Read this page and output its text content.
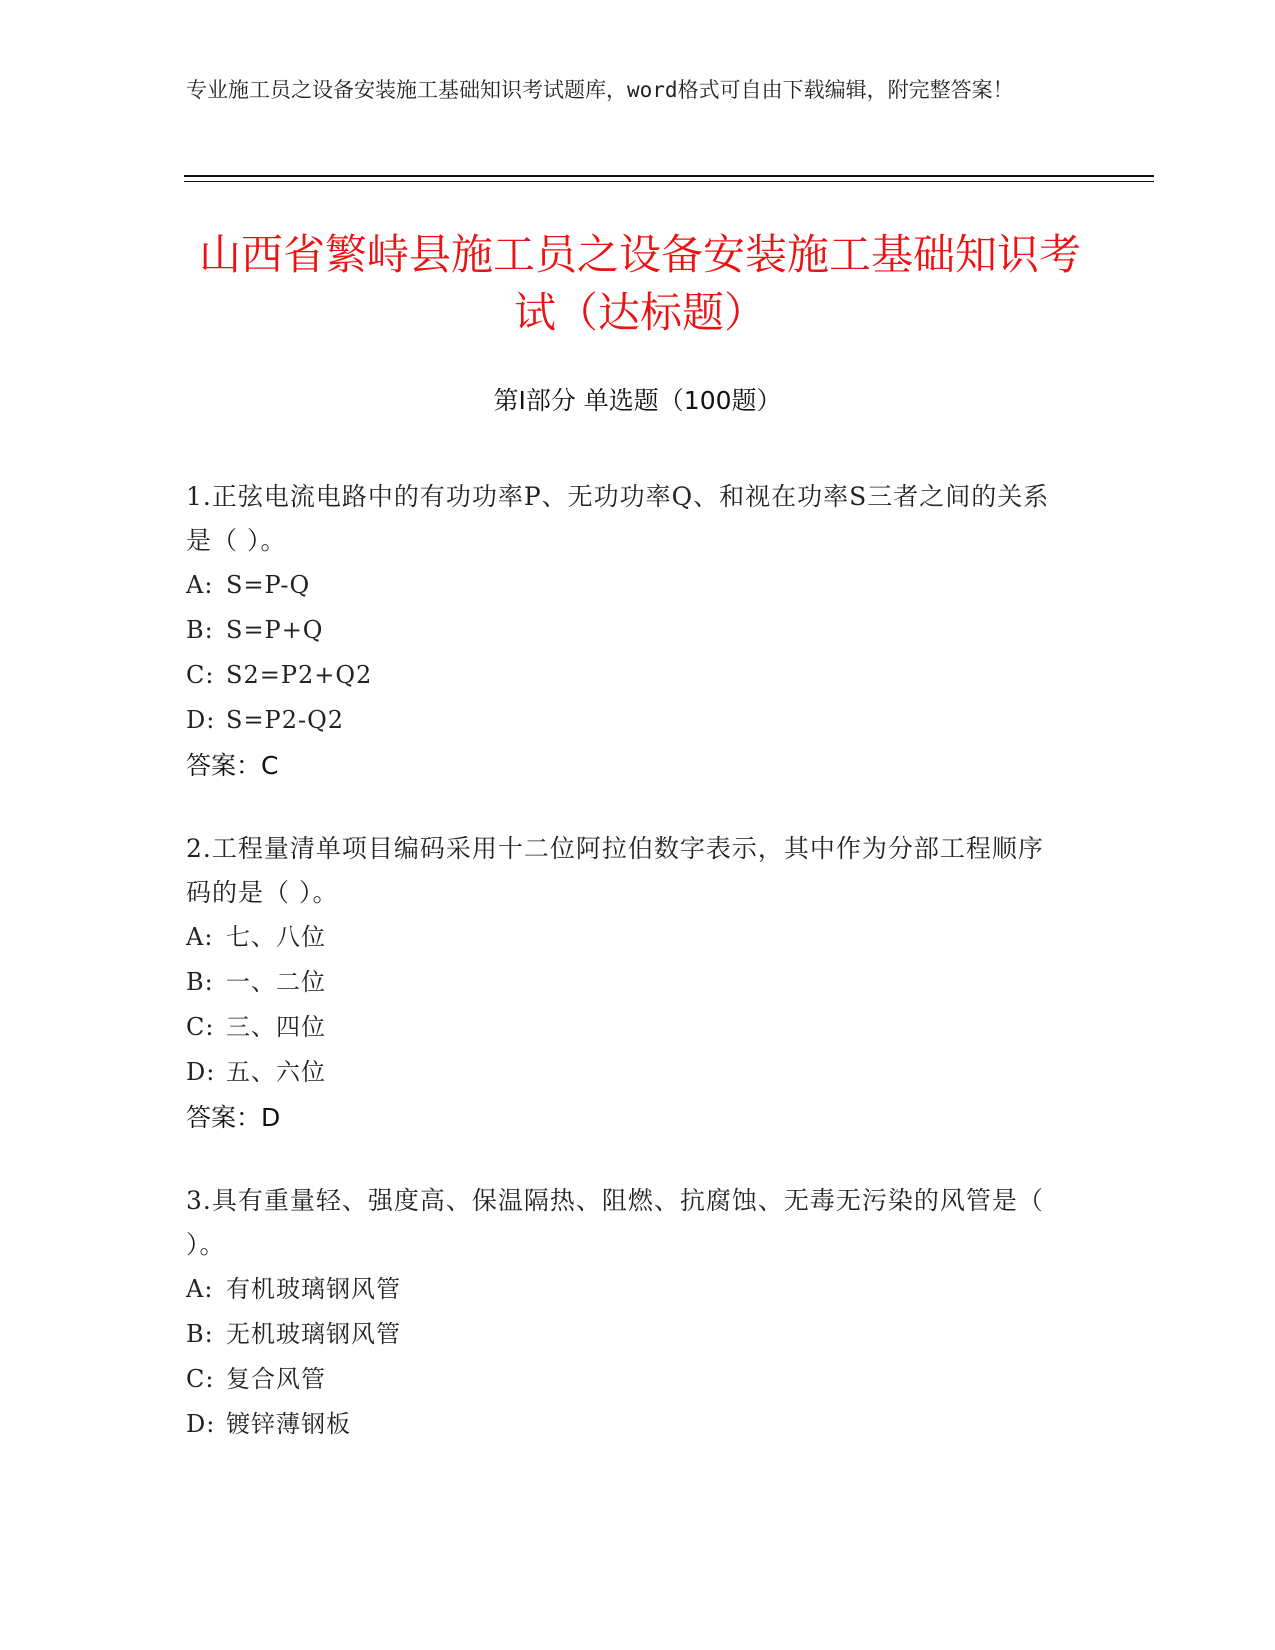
专业施工员之设备安装施工基础知识考试题库，word格式可自由下载编辑，附完整答案！
山西省繁峙县施工员之设备安装施工基础知识考试（达标题）
第Ⅰ部分 单选题（100题）
1.正弦电流电路中的有功功率P、无功功率Q、和视在功率S三者之间的关系是（ ）。
A: S=P-Q
B: S=P+Q
C: S2=P2+Q2
D: S=P2-Q2
答案：C
2.工程量清单项目编码采用十二位阿拉伯数字表示，其中作为分部工程顺序码的是（ ）。
A: 七、八位
B: 一、二位
C: 三、四位
D: 五、六位
答案：D
3.具有重量轻、强度高、保温隔热、阻燃、抗腐蚀、无毒无污染的风管是（ ）。
A: 有机玻璃钢风管
B: 无机玻璃钢风管
C: 复合风管
D: 镀锌薄钢板
